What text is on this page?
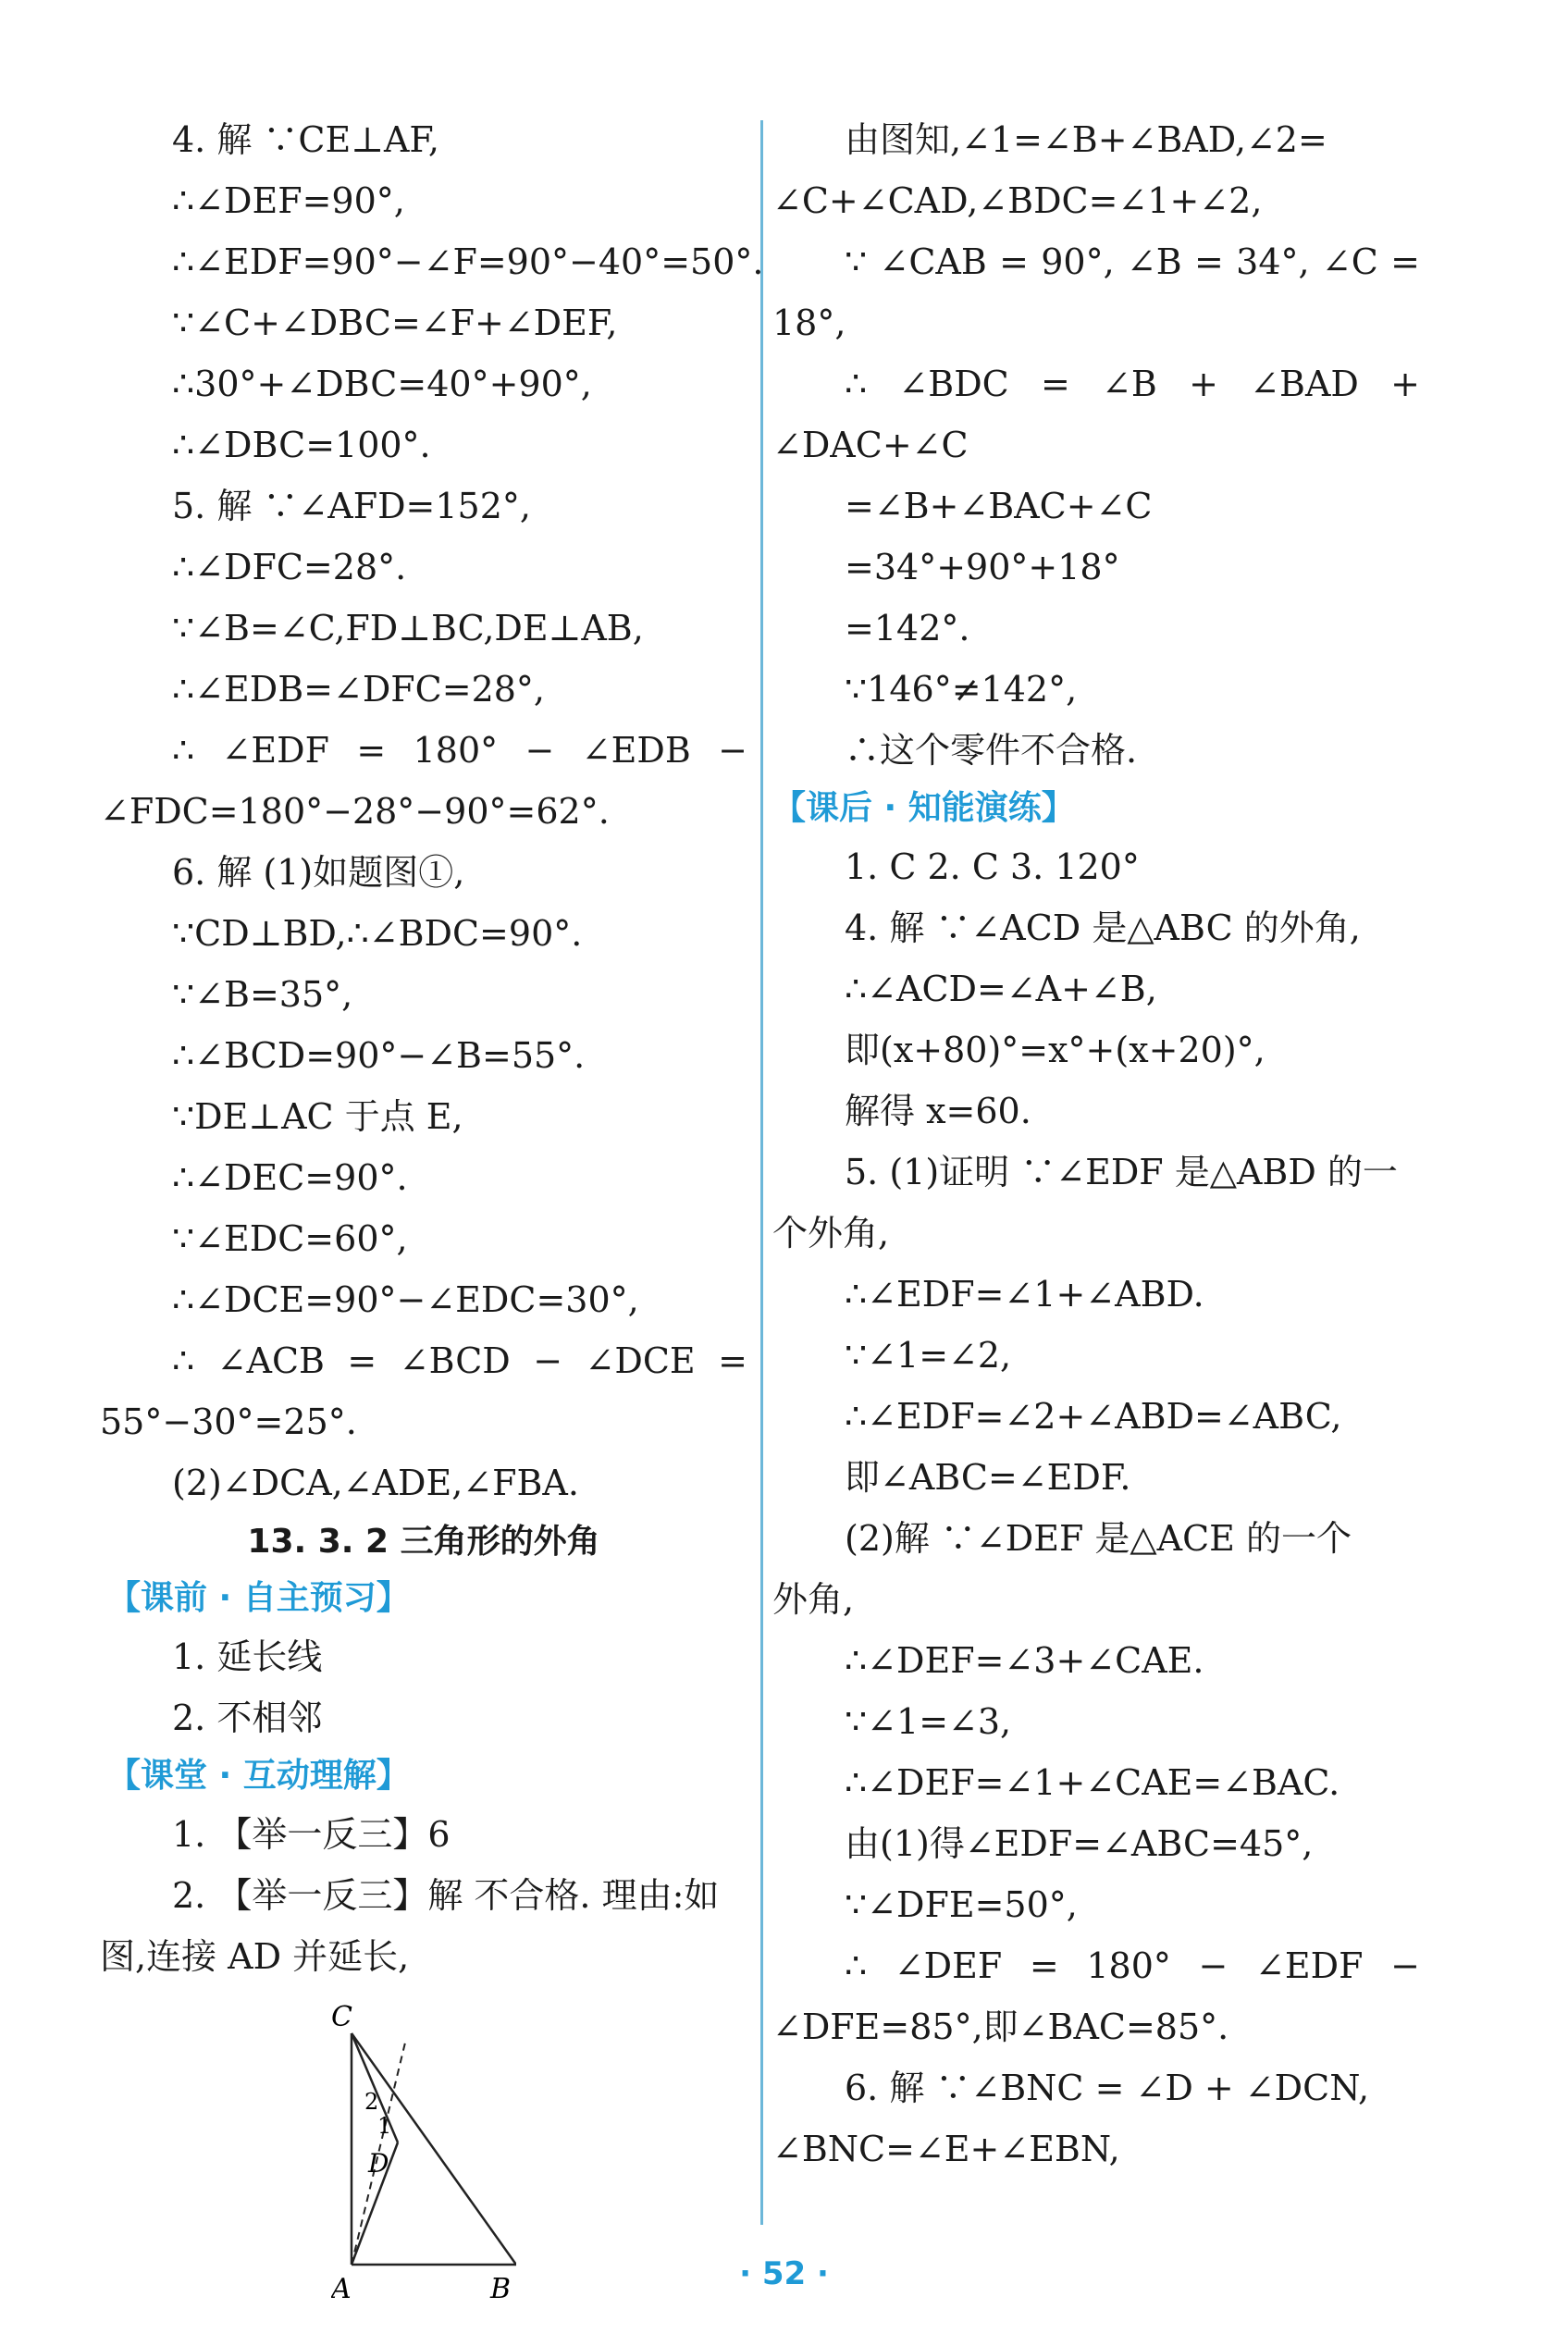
4. 解 ∵CE⊥AF,
∴∠DEF=90°,
∴∠EDF=90°−∠F=90°−40°=50°.
∵∠C+∠DBC=∠F+∠DEF,
∴30°+∠DBC=40°+90°,
∴∠DBC=100°.
5. 解 ∵∠AFD=152°,
∴∠DFC=28°.
∵∠B=∠C,FD⊥BC,DE⊥AB,
∴∠EDB=∠DFC=28°,
∴ ∠EDF = 180° − ∠EDB −
∠FDC=180°−28°−90°=62°.
6. 解 (1)如题图①,
∵CD⊥BD,∴∠BDC=90°.
∵∠B=35°,
∴∠BCD=90°−∠B=55°.
∵DE⊥AC 于点 E,
∴∠DEC=90°.
∵∠EDC=60°,
∴∠DCE=90°−∠EDC=30°,
∴ ∠ACB = ∠BCD − ∠DCE =
55°−30°=25°.
(2)∠DCA,∠ADE,∠FBA.
13. 3. 2 三角形的外角
【课前 · 自主预习】
1. 延长线
2. 不相邻
【课堂 · 互动理解】
1. 【举一反三】6
2. 【举一反三】解 不合格. 理由:如
图,连接 AD 并延长,
C
A	B
D
1
2
由图知,∠1=∠B+∠BAD,∠2=
∠C+∠CAD,∠BDC=∠1+∠2,
∵ ∠CAB = 90°, ∠B = 34°, ∠C =
18°,
∴ ∠BDC = ∠B + ∠BAD +
∠DAC+∠C
=∠B+∠BAC+∠C
=34°+90°+18°
=142°.
∵146°≠142°,
∴这个零件不合格.
【课后 · 知能演练】
1. C 2. C 3. 120°
4. 解 ∵∠ACD 是△ABC 的外角,
∴∠ACD=∠A+∠B,
即(x+80)°=x°+(x+20)°,
解得 x=60.
5. (1)证明 ∵∠EDF 是△ABD 的一
个外角,
∴∠EDF=∠1+∠ABD.
∵∠1=∠2,
∴∠EDF=∠2+∠ABD=∠ABC,
即∠ABC=∠EDF.
(2)解 ∵∠DEF 是△ACE 的一个
外角,
∴∠DEF=∠3+∠CAE.
∵∠1=∠3,
∴∠DEF=∠1+∠CAE=∠BAC.
由(1)得∠EDF=∠ABC=45°,
∵∠DFE=50°,
∴ ∠DEF = 180° − ∠EDF −
∠DFE=85°,即∠BAC=85°.
6. 解 ∵∠BNC = ∠D + ∠DCN,
∠BNC=∠E+∠EBN,
· 52 ·
